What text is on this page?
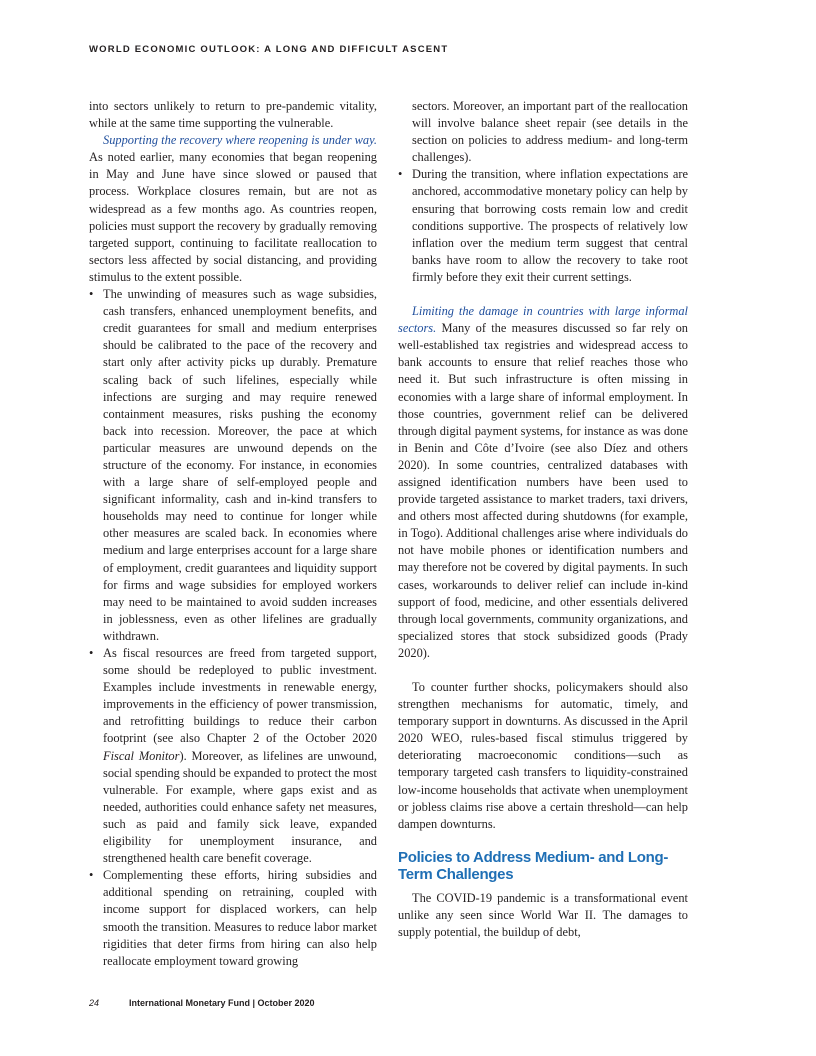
WORLD ECONOMIC OUTLOOK: A LONG AND DIFFICULT ASCENT

into sectors unlikely to return to pre-pandemic vitality, while at the same time supporting the vulnerable.

Supporting the recovery where reopening is under way. As noted earlier, many economies that began reopening in May and June have since slowed or paused that process. Workplace closures remain, but are not as widespread as a few months ago. As countries reopen, policies must support the recovery by gradually removing targeted support, continuing to facilitate reallocation to sectors less affected by social distancing, and providing stimulus to the extent possible.

• The unwinding of measures such as wage subsidies, cash transfers, enhanced unemployment benefits, and credit guarantees for small and medium enterprises should be calibrated to the pace of the recovery and start only after activity picks up durably. Premature scaling back of such lifelines, especially while infections are surging and may require renewed containment measures, risks pushing the economy back into recession. Moreover, the pace at which particular measures are unwound depends on the structure of the economy. For instance, in economies with a large share of self-employed people and significant informality, cash and in-kind transfers to households may need to continue for longer while other measures are scaled back. In economies where medium and large enterprises account for a large share of employment, credit guarantees and liquidity support for firms and wage subsidies for employed workers may need to be maintained to avoid sudden increases in joblessness, even as other lifelines are gradually withdrawn.
• As fiscal resources are freed from targeted support, some should be redeployed to public investment. Examples include investments in renewable energy, improvements in the efficiency of power transmission, and retrofitting buildings to reduce their carbon footprint (see also Chapter 2 of the October 2020 Fiscal Monitor). Moreover, as lifelines are unwound, social spending should be expanded to protect the most vulnerable. For example, where gaps exist and as needed, authorities could enhance safety net measures, such as paid and family sick leave, expanded eligibility for unemployment insurance, and strengthened health care benefit coverage.
• Complementing these efforts, hiring subsidies and additional spending on retraining, coupled with income support for displaced workers, can help smooth the transition. Measures to reduce labor market rigidities that deter firms from hiring can also help reallocate employment toward growing
sectors. Moreover, an important part of the reallocation will involve balance sheet repair (see details in the section on policies to address medium- and long-term challenges).
• During the transition, where inflation expectations are anchored, accommodative monetary policy can help by ensuring that borrowing costs remain low and credit conditions supportive. The prospects of relatively low inflation over the medium term suggest that central banks have room to allow the recovery to take root firmly before they exit their current settings.

Limiting the damage in countries with large informal sectors. Many of the measures discussed so far rely on well-established tax registries and widespread access to bank accounts to ensure that relief reaches those who need it. But such infrastructure is often missing in economies with a large share of informal employment. In those countries, government relief can be delivered through digital payment systems, for instance as was done in Benin and Côte d’Ivoire (see also Díez and others 2020). In some countries, centralized databases with assigned identification numbers have been used to provide targeted assistance to market traders, taxi drivers, and others most affected during shutdowns (for example, in Togo). Additional challenges arise where individuals do not have mobile phones or identification numbers and may therefore not be covered by digital payments. In such cases, workarounds to deliver relief can include in-kind support of food, medicine, and other essentials delivered through local governments, community organizations, and specialized stores that stock subsidized goods (Prady 2020).

To counter further shocks, policymakers should also strengthen mechanisms for automatic, timely, and temporary support in downturns. As discussed in the April 2020 WEO, rules-based fiscal stimulus triggered by deteriorating macroeconomic conditions—such as temporary targeted cash transfers to liquidity-constrained low-income households that activate when unemployment or jobless claims rise above a certain threshold—can help dampen downturns.

Policies to Address Medium- and Long-Term Challenges

The COVID-19 pandemic is a transformational event unlike any seen since World War II. The damages to supply potential, the buildup of debt,

24	International Monetary Fund | October 2020
